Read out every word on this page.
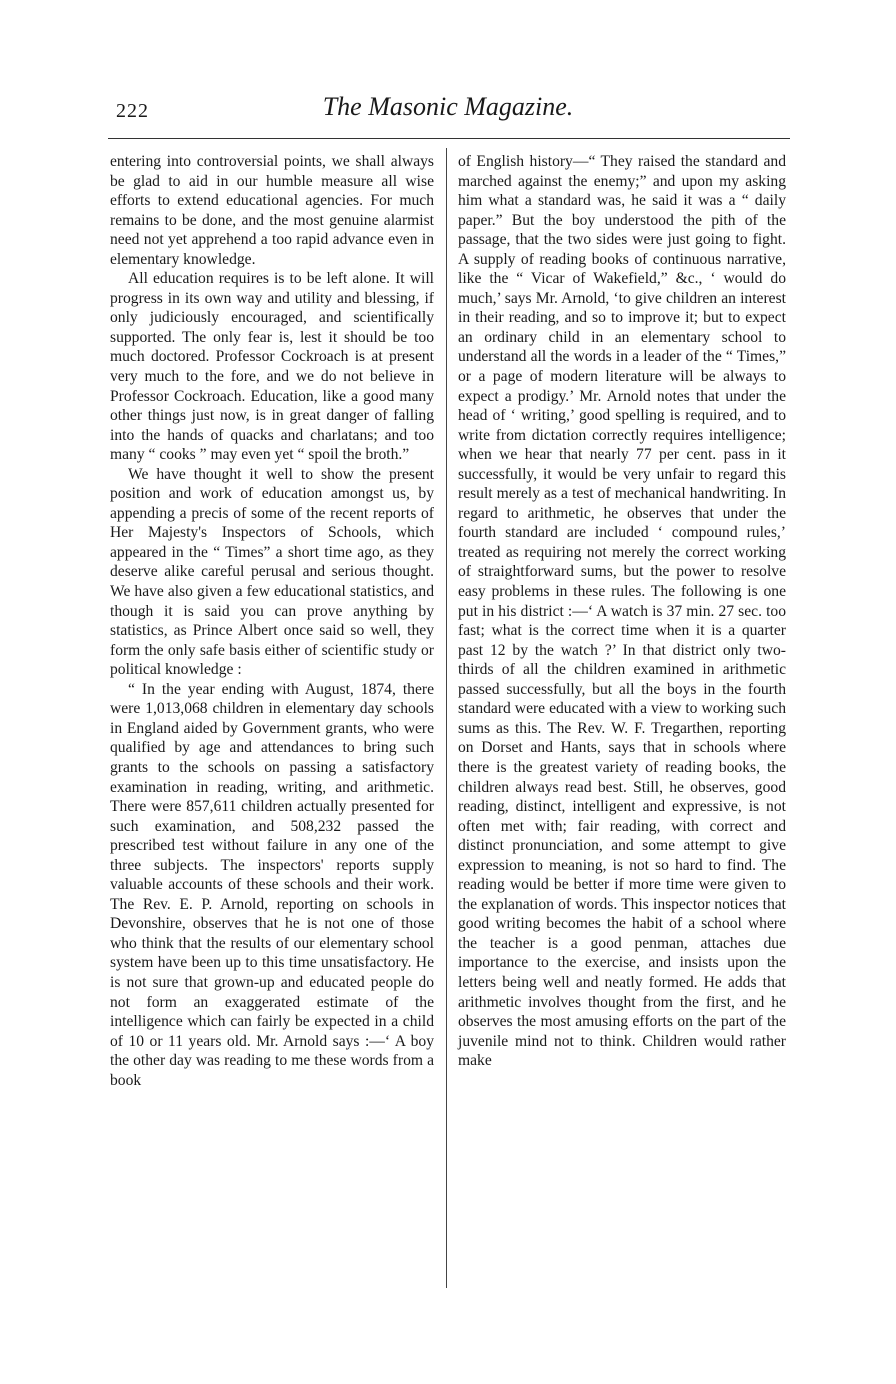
222	The Masonic Magazine.

entering into controversial points, we shall always be glad to aid in our humble measure all wise efforts to extend educational agencies. For much remains to be done, and the most genuine alarmist need not yet apprehend a too rapid advance even in elementary knowledge.

All education requires is to be left alone. It will progress in its own way and utility and blessing, if only judiciously encouraged, and scientifically supported. The only fear is, lest it should be too much doctored. Professor Cockroach is at present very much to the fore, and we do not believe in Professor Cockroach. Education, like a good many other things just now, is in great danger of falling into the hands of quacks and charlatans; and too many “ cooks ” may even yet “ spoil the broth.”

We have thought it well to show the present position and work of education amongst us, by appending a precis of some of the recent reports of Her Majesty's Inspectors of Schools, which appeared in the “ Times” a short time ago, as they deserve alike careful perusal and serious thought. We have also given a few educational statistics, and though it is said you can prove anything by statistics, as Prince Albert once said so well, they form the only safe basis either of scientific study or political knowledge :

“ In the year ending with August, 1874, there were 1,013,068 children in elementary day schools in England aided by Government grants, who were qualified by age and attendances to bring such grants to the schools on passing a satisfactory examination in reading, writing, and arithmetic. There were 857,611 children actually presented for such examination, and 508,232 passed the prescribed test without failure in any one of the three subjects. The inspectors' reports supply valuable accounts of these schools and their work. The Rev. E. P. Arnold, reporting on schools in Devonshire, observes that he is not one of those who think that the results of our elementary school system have been up to this time unsatisfactory. He is not sure that grown-up and educated people do not form an exaggerated estimate of the intelligence which can fairly be expected in a child of 10 or 11 years old. Mr. Arnold says :—‘ A boy the other day was reading to me these words from a book

of English history—“ They raised the standard and marched against the enemy;” and upon my asking him what a standard was, he said it was a “ daily paper.” But the boy understood the pith of the passage, that the two sides were just going to fight. A supply of reading books of continuous narrative, like the “ Vicar of Wakefield,” &c., ‘ would do much,’ says Mr. Arnold, ‘to give children an interest in their reading, and so to improve it; but to expect an ordinary child in an elementary school to understand all the words in a leader of the “ Times,” or a page of modern literature will be always to expect a prodigy.’ Mr. Arnold notes that under the head of ‘ writing,’ good spelling is required, and to write from dictation correctly requires intelligence; when we hear that nearly 77 per cent. pass in it successfully, it would be very unfair to regard this result merely as a test of mechanical handwriting. In regard to arithmetic, he observes that under the fourth standard are included ‘ compound rules,’ treated as requiring not merely the correct working of straightforward sums, but the power to resolve easy problems in these rules. The following is one put in his district :—‘ A watch is 37 min. 27 sec. too fast; what is the correct time when it is a quarter past 12 by the watch ?’ In that district only two-thirds of all the children examined in arithmetic passed successfully, but all the boys in the fourth standard were educated with a view to working such sums as this. The Rev. W. F. Tregarthen, reporting on Dorset and Hants, says that in schools where there is the greatest variety of reading books, the children always read best. Still, he observes, good reading, distinct, intelligent and expressive, is not often met with; fair reading, with correct and distinct pronunciation, and some attempt to give expression to meaning, is not so hard to find. The reading would be better if more time were given to the explanation of words. This inspector notices that good writing becomes the habit of a school where the teacher is a good penman, attaches due importance to the exercise, and insists upon the letters being well and neatly formed. He adds that arithmetic involves thought from the first, and he observes the most amusing efforts on the part of the juvenile mind not to think. Children would rather make
